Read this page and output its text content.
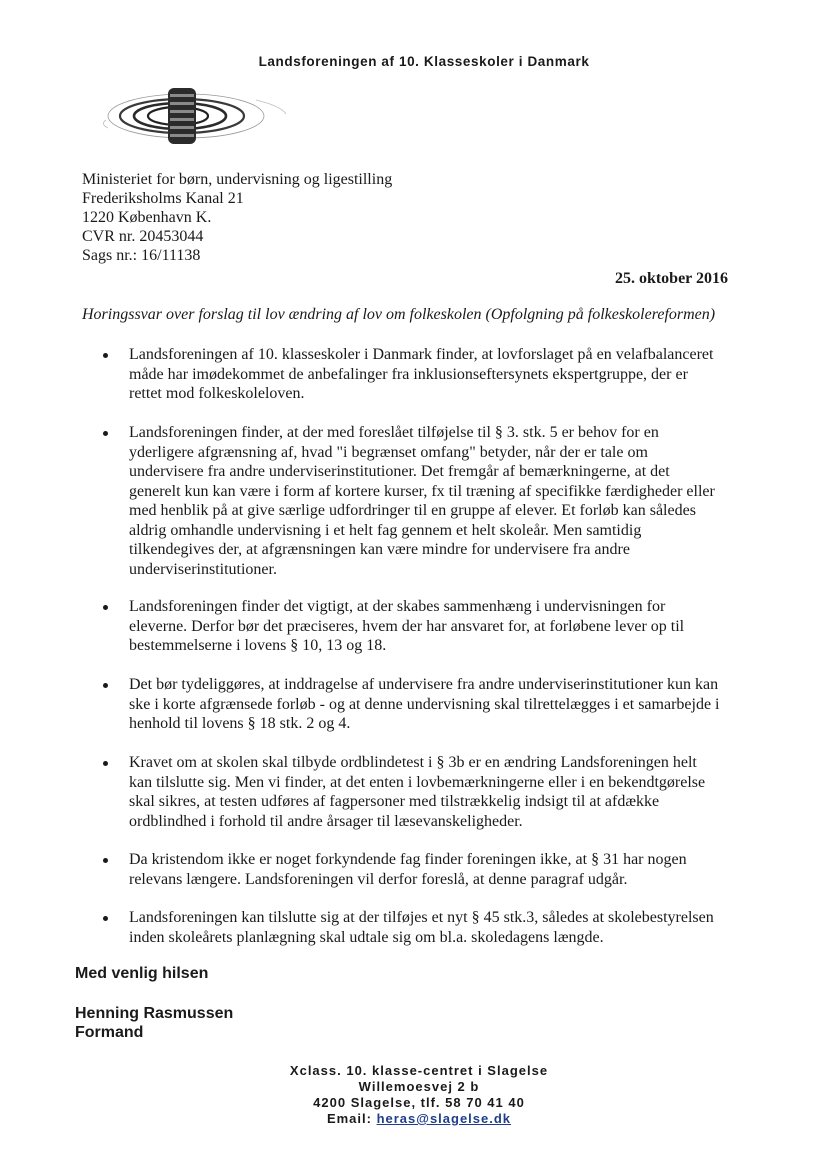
Landsforeningen af 10. Klasseskoler i Danmark
Ministeriet for børn, undervisning og ligestilling
Frederiksholms Kanal 21
1220 København K.
CVR nr. 20453044
Sags nr.: 16/11138
25. oktober 2016
Horingssvar over forslag til lov ændring af lov om folkeskolen (Opfolgning på folkeskolereformen)
Landsforeningen af 10. klasseskoler i Danmark finder, at lovforslaget på en velafbalanceret
måde har imødekommet de anbefalinger fra inklusionseftersynets ekspertgruppe, der er
rettet mod folkeskoleloven.
Landsforeningen finder, at der med foreslået tilføjelse til § 3. stk. 5 er behov for en
yderligere afgrænsning af, hvad "i begrænset omfang" betyder, når der er tale om
undervisere fra andre underviserinstitutioner. Det fremgår af bemærkningerne, at det
generelt kun kan være i form af kortere kurser, fx til træning af specifikke færdigheder eller
med henblik på at give særlige udfordringer til en gruppe af elever. Et forløb kan således
aldrig omhandle undervisning i et helt fag gennem et helt skoleår. Men samtidig
tilkendegives der, at afgrænsningen kan være mindre for undervisere fra andre
underviserinstitutioner.
Landsforeningen finder det vigtigt, at der skabes sammenhæng i undervisningen for
eleverne. Derfor bør det præciseres, hvem der har ansvaret for, at forløbene lever op til
bestemmelserne i lovens § 10, 13 og 18.
Det bør tydeliggøres, at inddragelse af undervisere fra andre underviserinstitutioner kun kan
ske i korte afgrænsede forløb - og at denne undervisning skal tilrettelægges i et samarbejde i
henhold til lovens § 18 stk. 2 og 4.
Kravet om at skolen skal tilbyde ordblindetest i § 3b er en ændring Landsforeningen helt
kan tilslutte sig. Men vi finder, at det enten i lovbemærkningerne eller i en bekendtgørelse
skal sikres, at testen udføres af fagpersoner med tilstrækkelig indsigt til at afdække
ordblindhed i forhold til andre årsager til læsevanskeligheder.
Da kristendom ikke er noget forkyndende fag finder foreningen ikke, at § 31 har nogen
relevans længere. Landsforeningen vil derfor foreslå, at denne paragraf udgår.
Landsforeningen kan tilslutte sig at der tilføjes et nyt § 45 stk.3, således at skolebestyrelsen
inden skoleårets planlægning skal udtale sig om bl.a. skoledagens længde.
Med venlig hilsen
Henning Rasmussen
Formand
Xclass. 10. klasse-centret i Slagelse
Willemoesvej 2 b
4200 Slagelse, tlf. 58 70 41 40
Email: heras@slagelse.dk
